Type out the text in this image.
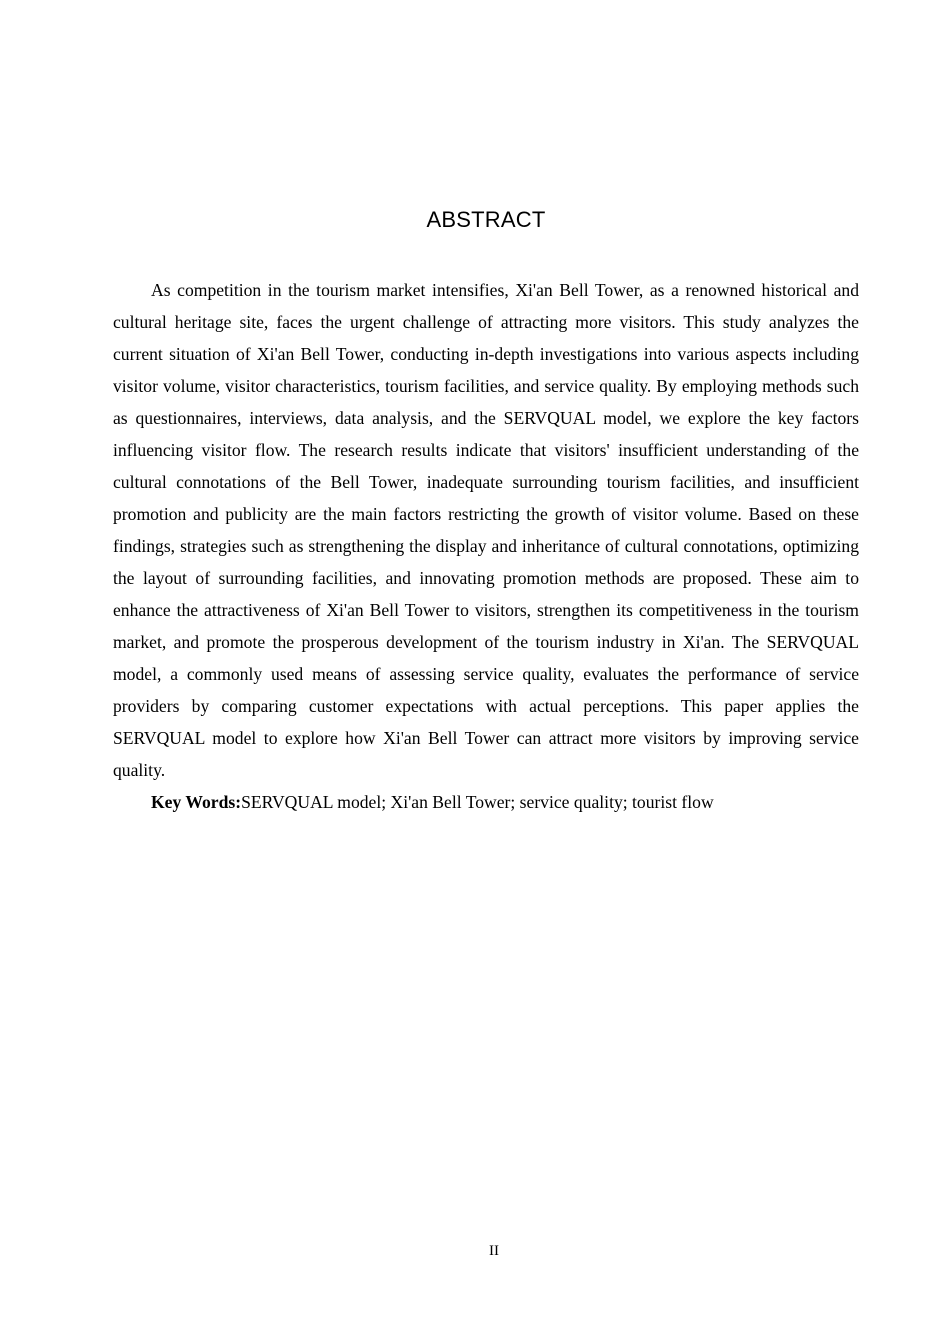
ABSTRACT

As competition in the tourism market intensifies, Xi'an Bell Tower, as a renowned historical and cultural heritage site, faces the urgent challenge of attracting more visitors. This study analyzes the current situation of Xi'an Bell Tower, conducting in-depth investigations into various aspects including visitor volume, visitor characteristics, tourism facilities, and service quality. By employing methods such as questionnaires, interviews, data analysis, and the SERVQUAL model, we explore the key factors influencing visitor flow. The research results indicate that visitors' insufficient understanding of the cultural connotations of the Bell Tower, inadequate surrounding tourism facilities, and insufficient promotion and publicity are the main factors restricting the growth of visitor volume. Based on these findings, strategies such as strengthening the display and inheritance of cultural connotations, optimizing the layout of surrounding facilities, and innovating promotion methods are proposed. These aim to enhance the attractiveness of Xi'an Bell Tower to visitors, strengthen its competitiveness in the tourism market, and promote the prosperous development of the tourism industry in Xi'an. The SERVQUAL model, a commonly used means of assessing service quality, evaluates the performance of service providers by comparing customer expectations with actual perceptions. This paper applies the SERVQUAL model to explore how Xi'an Bell Tower can attract more visitors by improving service quality.

Key Words:SERVQUAL model; Xi'an Bell Tower; service quality; tourist flow

II
